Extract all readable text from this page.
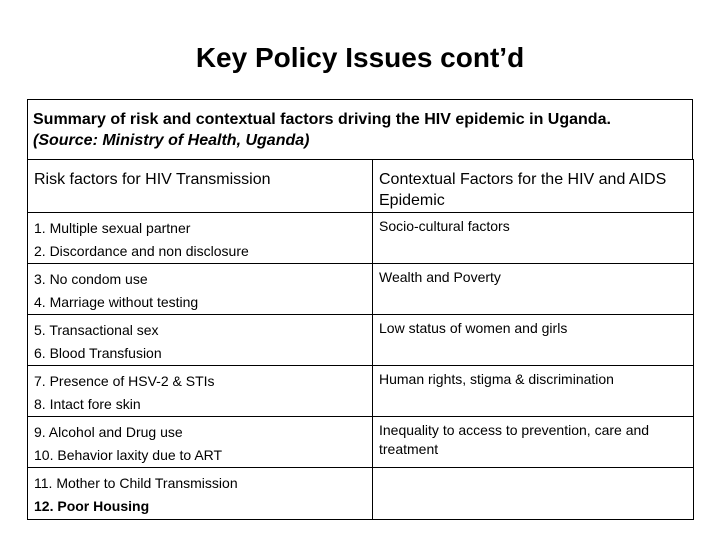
Key Policy Issues cont’d
Summary of risk and contextual factors driving the HIV epidemic in Uganda.
(Source: Ministry of Health, Uganda)
Risk factors for HIV Transmission	Contextual Factors for the HIV and AIDS Epidemic

1. Multiple sexual partner
2. Discordance and non disclosure	Socio-cultural factors

3. No condom use
4. Marriage without testing	Wealth and Poverty

5. Transactional sex
6. Blood Transfusion	Low status of women and girls

7. Presence of HSV-2 & STIs
8. Intact fore skin	Human rights, stigma & discrimination

9. Alcohol and Drug use
10. Behavior laxity due to ART	Inequality to access to prevention, care and treatment

11. Mother to Child Transmission
12. Poor Housing	
